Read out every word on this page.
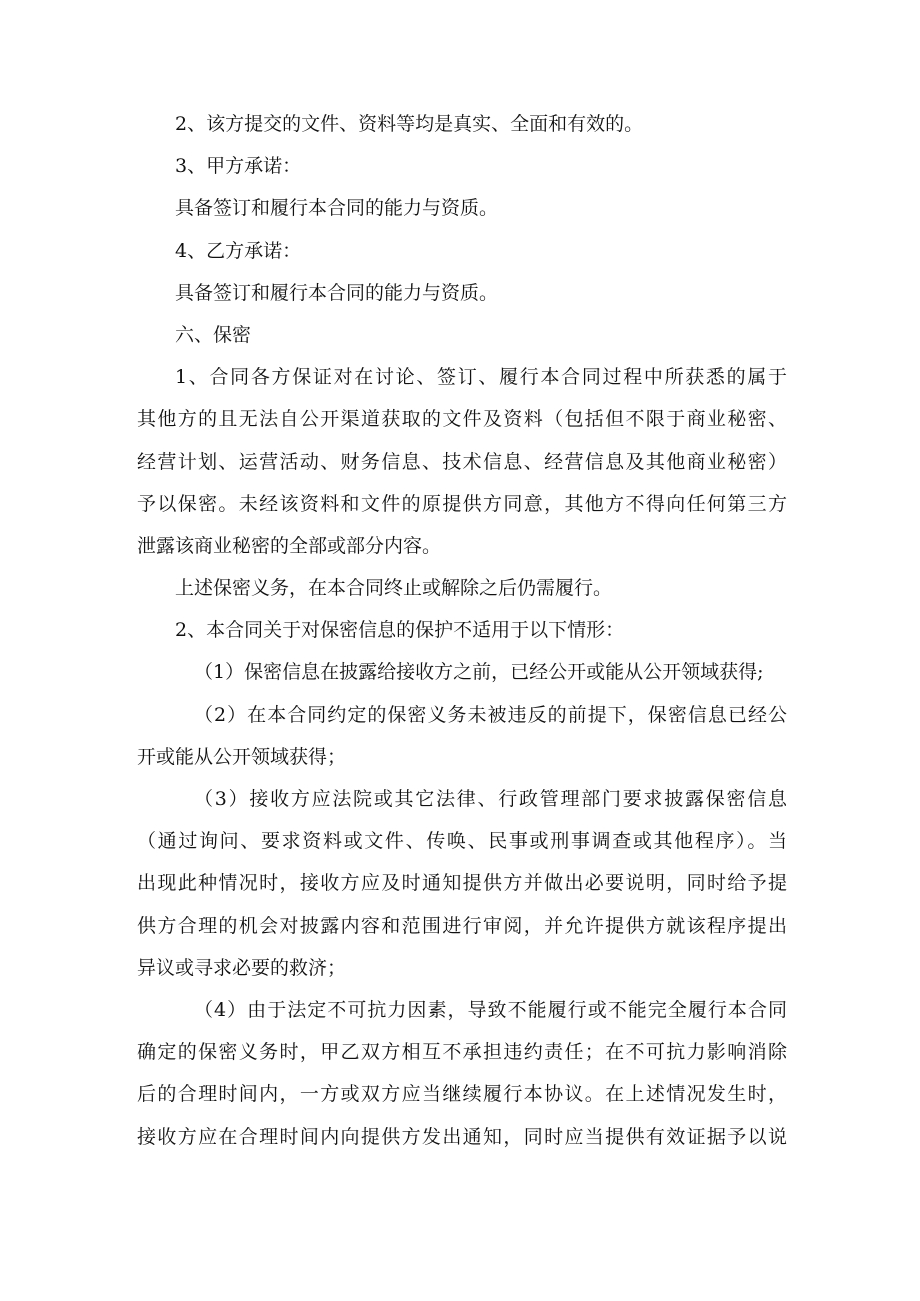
2、该方提交的文件、资料等均是真实、全面和有效的。
3、甲方承诺：
具备签订和履行本合同的能力与资质。
4、乙方承诺：
具备签订和履行本合同的能力与资质。
六、保密
1、合同各方保证对在讨论、签订、履行本合同过程中所获悉的属于
其他方的且无法自公开渠道获取的文件及资料（包括但不限于商业秘密、
经营计划、运营活动、财务信息、技术信息、经营信息及其他商业秘密）
予以保密。未经该资料和文件的原提供方同意，其他方不得向任何第三方
泄露该商业秘密的全部或部分内容。
上述保密义务，在本合同终止或解除之后仍需履行。
2、本合同关于对保密信息的保护不适用于以下情形：
（1）保密信息在披露给接收方之前，已经公开或能从公开领域获得;
（2）在本合同约定的保密义务未被违反的前提下，保密信息已经公
开或能从公开领域获得；
（3）接收方应法院或其它法律、行政管理部门要求披露保密信息
（通过询问、要求资料或文件、传唤、民事或刑事调查或其他程序）。当
出现此种情况时，接收方应及时通知提供方并做出必要说明，同时给予提
供方合理的机会对披露内容和范围进行审阅，并允许提供方就该程序提出
异议或寻求必要的救济；
（4）由于法定不可抗力因素，导致不能履行或不能完全履行本合同
确定的保密义务时，甲乙双方相互不承担违约责任；在不可抗力影响消除
后的合理时间内，一方或双方应当继续履行本协议。在上述情况发生时，
接收方应在合理时间内向提供方发出通知，同时应当提供有效证据予以说
